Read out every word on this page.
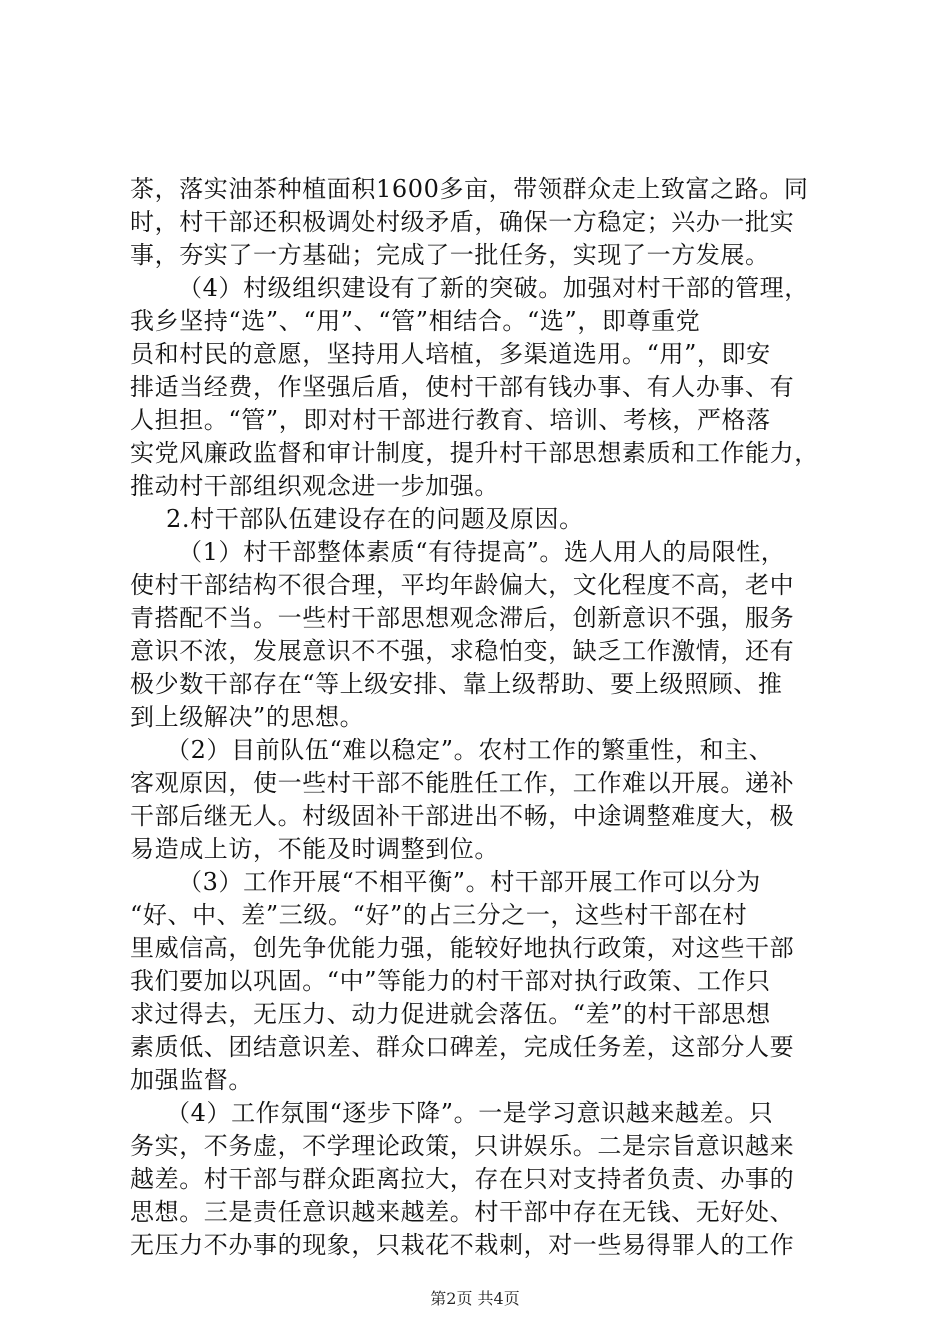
茶，落实油茶种植面积1600多亩，带领群众走上致富之路。同
时，村干部还积极调处村级矛盾，确保一方稳定；兴办一批实
事，夯实了一方基础；完成了一批任务，实现了一方发展。
（4）村级组织建设有了新的突破。加强对村干部的管理，
我乡坚持“选”、“用”、“管”相结合。“选”，即尊重党
员和村民的意愿，坚持用人培植，多渠道选用。“用”，即安
排适当经费，作坚强后盾，使村干部有钱办事、有人办事、有
人担担。“管”，即对村干部进行教育、培训、考核，严格落
实党风廉政监督和审计制度，提升村干部思想素质和工作能力，
推动村干部组织观念进一步加强。
2.村干部队伍建设存在的问题及原因。
（1）村干部整体素质“有待提高”。选人用人的局限性，
使村干部结构不很合理，平均年龄偏大，文化程度不高，老中
青搭配不当。一些村干部思想观念滞后，创新意识不强，服务
意识不浓，发展意识不不强，求稳怕变，缺乏工作激情，还有
极少数干部存在“等上级安排、靠上级帮助、要上级照顾、推
到上级解决”的思想。
（2）目前队伍“难以稳定”。农村工作的繁重性，和主、
客观原因，使一些村干部不能胜任工作，工作难以开展。递补
干部后继无人。村级固补干部进出不畅，中途调整难度大，极
易造成上访，不能及时调整到位。
（3）工作开展“不相平衡”。村干部开展工作可以分为
“好、中、差”三级。“好”的占三分之一，这些村干部在村
里威信高，创先争优能力强，能较好地执行政策，对这些干部
我们要加以巩固。“中”等能力的村干部对执行政策、工作只
求过得去，无压力、动力促进就会落伍。“差”的村干部思想
素质低、团结意识差、群众口碑差，完成任务差，这部分人要
加强监督。
（4）工作氛围“逐步下降”。一是学习意识越来越差。只
务实，不务虚，不学理论政策，只讲娱乐。二是宗旨意识越来
越差。村干部与群众距离拉大，存在只对支持者负责、办事的
思想。三是责任意识越来越差。村干部中存在无钱、无好处、
无压力不办事的现象，只栽花不栽刺，对一些易得罪人的工作
第2页 共4页
